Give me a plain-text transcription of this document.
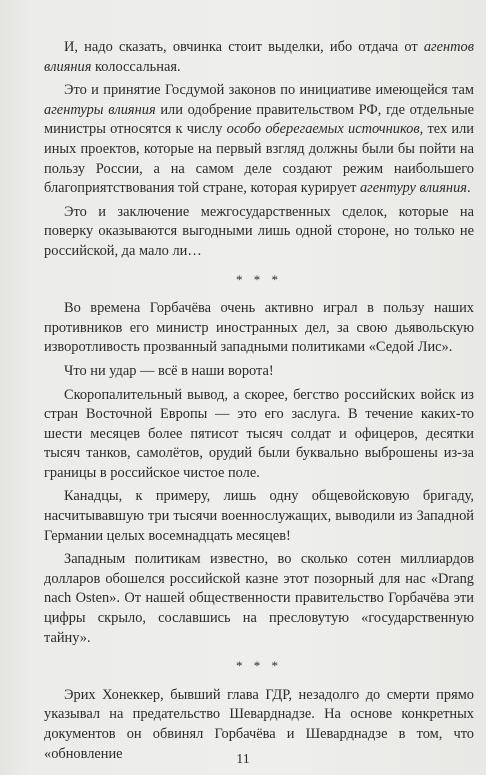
И, надо сказать, овчинка стоит выделки, ибо отдача от агентов влияния колоссальная.

Это и принятие Госдумой законов по инициативе имеющейся там агентуры влияния или одобрение правительством РФ, где отдельные министры относятся к числу особо оберегаемых источников, тех или иных проектов, которые на первый взгляд должны были бы пойти на пользу России, а на самом деле создают режим наибольшего благоприятствования той стране, которая курирует агентуру влияния.

Это и заключение межгосударственных сделок, которые на поверку оказываются выгодными лишь одной стороне, но только не российской, да мало ли…

* * *

Во времена Горбачёва очень активно играл в пользу наших противников его министр иностранных дел, за свою дьявольскую изворотливость прозванный западными политиками «Седой Лис».

Что ни удар — всё в наши ворота!

Скоропалительный вывод, а скорее, бегство российских войск из стран Восточной Европы — это его заслуга. В течение каких-то шести месяцев более пятисот тысяч солдат и офицеров, десятки тысяч танков, самолётов, орудий были буквально выброшены из-за границы в российское чистое поле.

Канадцы, к примеру, лишь одну общевойсковую бригаду, насчитывавшую три тысячи военнослужащих, выводили из Западной Германии целых восемнадцать месяцев!

Западным политикам известно, во сколько сотен миллиардов долларов обошелся российской казне этот позорный для нас «Drang nach Osten». От нашей общественности правительство Горбачёва эти цифры скрыло, сославшись на пресловутую «государственную тайну».

* * *

Эрих Хонеккер, бывший глава ГДР, незадолго до смерти прямо указывал на предательство Шеварднадзе. На основе конкретных документов он обвинял Горбачёва и Шеварднадзе в том, что «обновление	11
